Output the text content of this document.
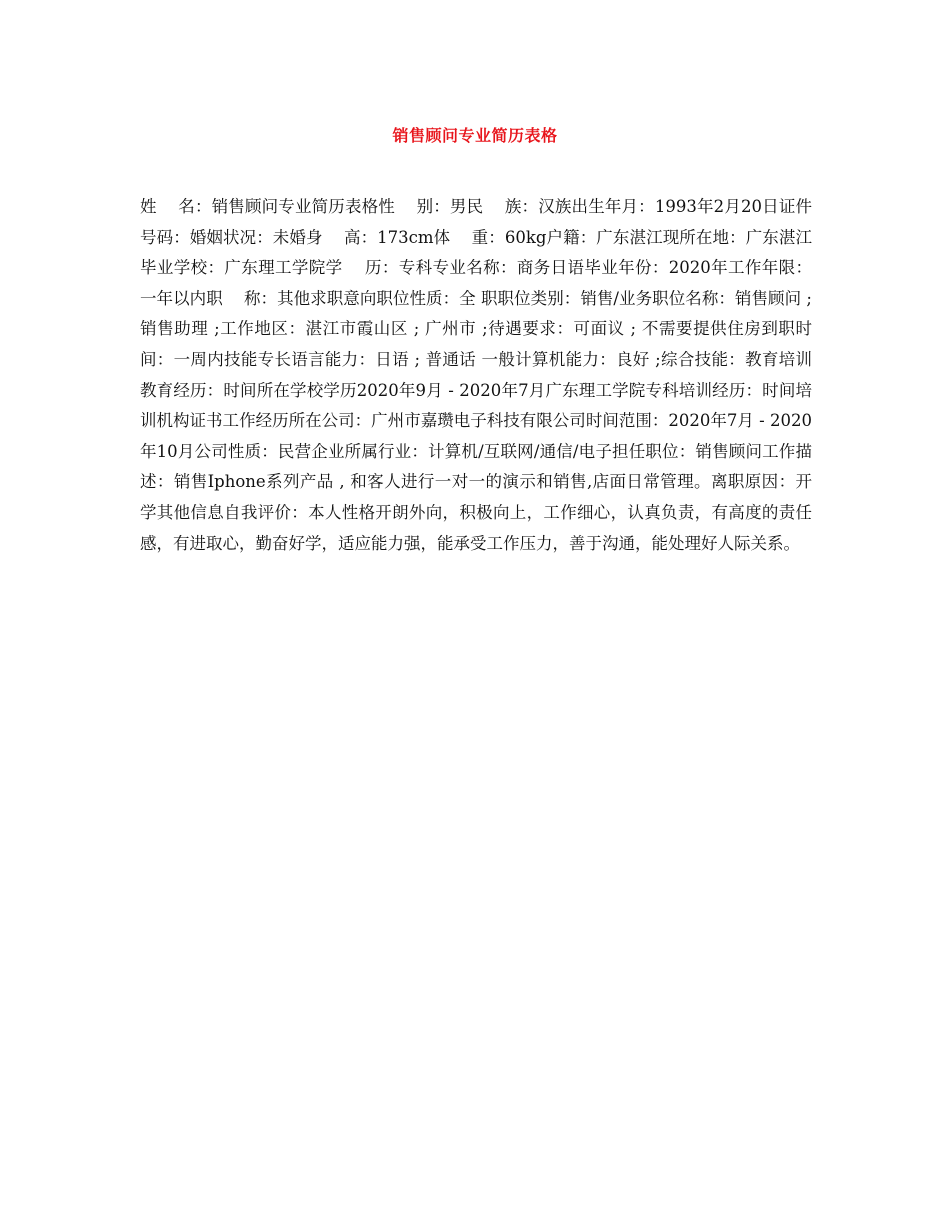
销售顾问专业简历表格
姓    名：销售顾问专业简历表格性    别：男民    族：汉族出生年月：1993年2月20日证件号码：婚姻状况：未婚身    高：173cm体    重：60kg户籍：广东湛江现所在地：广东湛江毕业学校：广东理工学院学    历：专科专业名称：商务日语毕业年份：2020年工作年限：一年以内职    称：其他求职意向职位性质：全 职职位类别：销售/业务职位名称：销售顾问 ; 销售助理 ;工作地区：湛江市霞山区 ; 广州市 ;待遇要求：可面议 ; 不需要提供住房到职时间：一周内技能专长语言能力：日语 ; 普通话 一般计算机能力：良好 ;综合技能：教育培训教育经历：时间所在学校学历2020年9月 - 2020年7月广东理工学院专科培训经历：时间培训机构证书工作经历所在公司：广州市嘉瓒电子科技有限公司时间范围：2020年7月 - 2020年10月公司性质：民营企业所属行业：计算机/互联网/通信/电子担任职位：销售顾问工作描述：销售Iphone系列产品 , 和客人进行一对一的演示和销售,店面日常管理。离职原因：开学其他信息自我评价：本人性格开朗外向，积极向上，工作细心，认真负责，有高度的责任感，有进取心，勤奋好学，适应能力强，能承受工作压力，善于沟通，能处理好人际关系。
